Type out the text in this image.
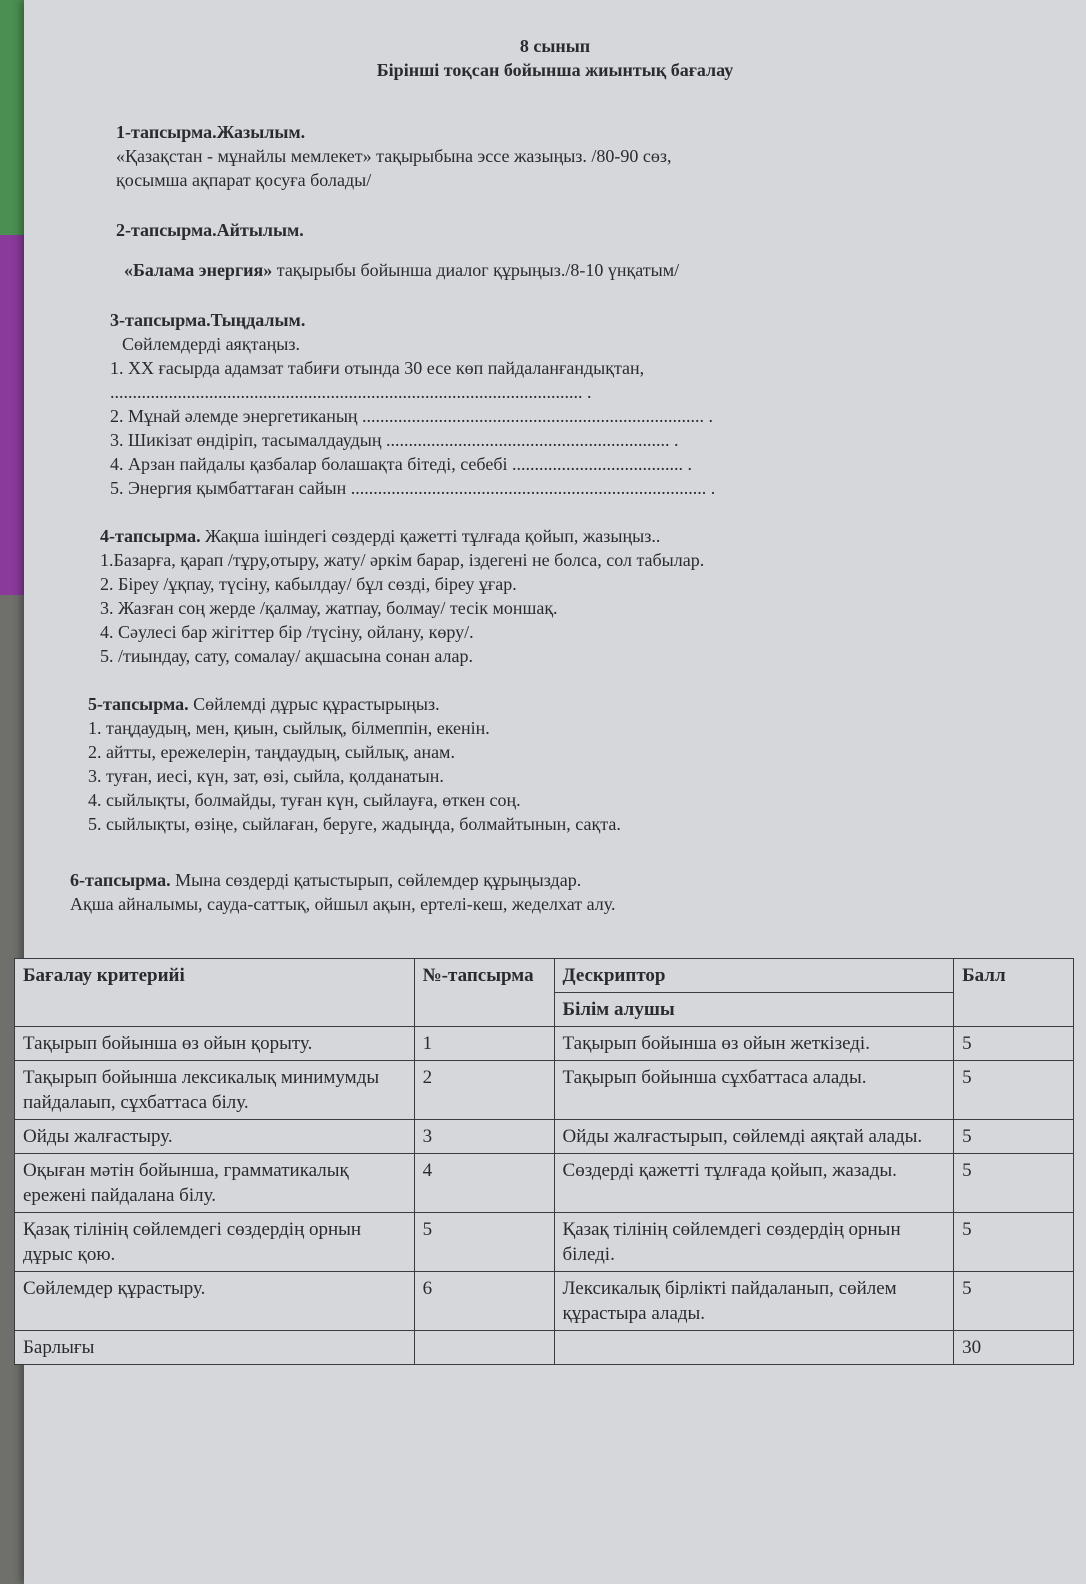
8 сынып
Бірінші тоқсан бойынша жиынтық бағалау
1-тапсырма.Жазылым.
«Қазақстан - мұнайлы мемлекет» тақырыбына эссе жазыңыз. /80-90 сөз,
қосымша ақпарат қосуға болады/
2-тапсырма.Айтылым.
«Балама энергия» тақырыбы бойынша диалог құрыңыз./8-10 үнқатым/
3-тапсырма.Тыңдалым.
Сөйлемдерді аяқтаңыз.
1. XX ғасырда адамзат табиғи отында 30 есе көп пайдаланғандықтан,
......................................................................................................... .
2. Мұнай әлемде энергетиканың ............................................................................ .
3. Шикізат өндіріп, тасымалдаудың ............................................................... .
4. Арзан пайдалы қазбалар болашақта бітеді, себебі ...................................... .
5. Энергия қымбаттаған сайын ............................................................................... .
4-тапсырма. Жақша ішіндегі сөздерді қажетті тұлғада қойып, жазыңыз..
1.Базарға, қарап /тұру,отыру, жату/ әркім барар, іздегені не болса, сол табылар.
2. Біреу /ұқпау, түсіну, кабылдау/ бұл сөзді, біреу ұғар.
3. Жазған соң жерде /қалмау, жатпау, болмау/ тесік моншақ.
4. Сәулесі бар жігіттер бір /түсіну, ойлану, көру/.
5. /тиындау, сату, сомалау/ ақшасына сонан алар.
5-тапсырма. Сөйлемді дұрыс құрастырыңыз.
1. таңдаудың, мен, қиын, сыйлық, білмеппін, екенін.
2. айтты, ережелерін, таңдаудың, сыйлық, анам.
3. туған, иесі, күн, зат, өзі, сыйла, қолданатын.
4. сыйлықты, болмайды, туған күн, сыйлауға, өткен соң.
5. сыйлықты, өзіңе, сыйлаған, беруге, жадыңда, болмайтынын, сақта.
6-тапсырма. Мына сөздерді қатыстырып, сөйлемдер құрыңыздар.
Ақша айналымы, сауда-саттық, ойшыл ақын, ертелі-кеш, жеделхат алу.
Бағалау критерийі	№-тапсырма	Дескриптор	Балл
		Білім алушы	
Тақырып бойынша өз ойын қорыту.	1	Тақырып бойынша өз ойын жеткізеді.	5
Тақырып бойынша лексикалық минимумды пайдалаып, сұхбаттаса білу.	2	Тақырып бойынша сұхбаттаса алады.	5
Ойды жалғастыру.	3	Ойды жалғастырып, сөйлемді аяқтай алады.	5
Оқыған мәтін бойынша, грамматикалық ережені пайдалана білу.	4	Сөздерді қажетті тұлғада қойып, жазады.	5
Қазақ тілінің сөйлемдегі сөздердің орнын дұрыс қою.	5	Қазақ тілінің сөйлемдегі сөздердің орнын біледі.	5
Сөйлемдер құрастыру.	6	Лексикалық бірлікті пайдаланып, сөйлем құрастыра алады.	5
Барлығы			30
